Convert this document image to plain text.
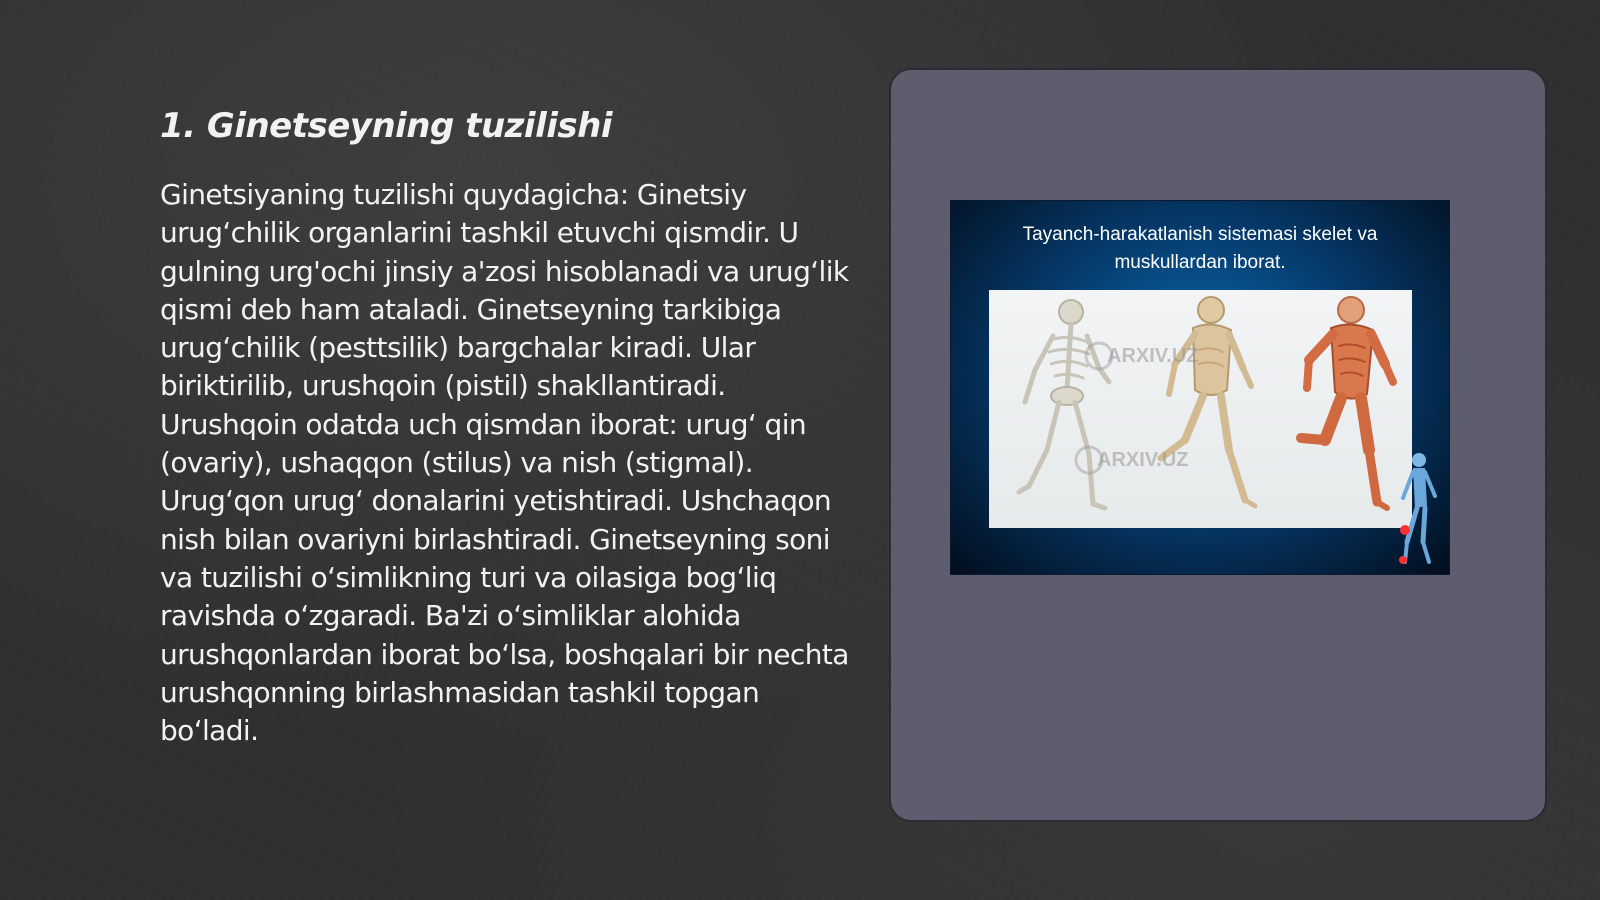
1. Ginetseyning tuzilishi

Ginetsiyaning tuzilishi quydagicha: Ginetsiy urug‘chilik organlarini tashkil etuvchi qismdir. U gulning urg'ochi jinsiy a'zosi hisoblanadi va urug‘lik qismi deb ham ataladi. Ginetseyning tarkibiga urug‘chilik (pesttsilik) bargchalar kiradi. Ular biriktirilib, urushqoin (pistil) shakllantiradi. Urushqoin odatda uch qismdan iborat: urug‘ qin (ovariy), ushaqqon (stilus) va nish (stigmal). Urug‘qon urug‘ donalarini yetishtiradi. Ushchaqon nish bilan ovariyni birlashtiradi. Ginetseyning soni va tuzilishi o‘simlikning turi va oilasiga bog‘liq ravishda o‘zgaradi. Ba'zi o‘simliklar alohida urushqonlardan iborat bo‘lsa, boshqalari bir nechta urushqonning birlashmasidan tashkil topgan bo‘ladi.

Tayanch-harakatlanish sistemasi skelet va
muskullardan iborat.
ARXIV.UZ
ARXIV.UZ
